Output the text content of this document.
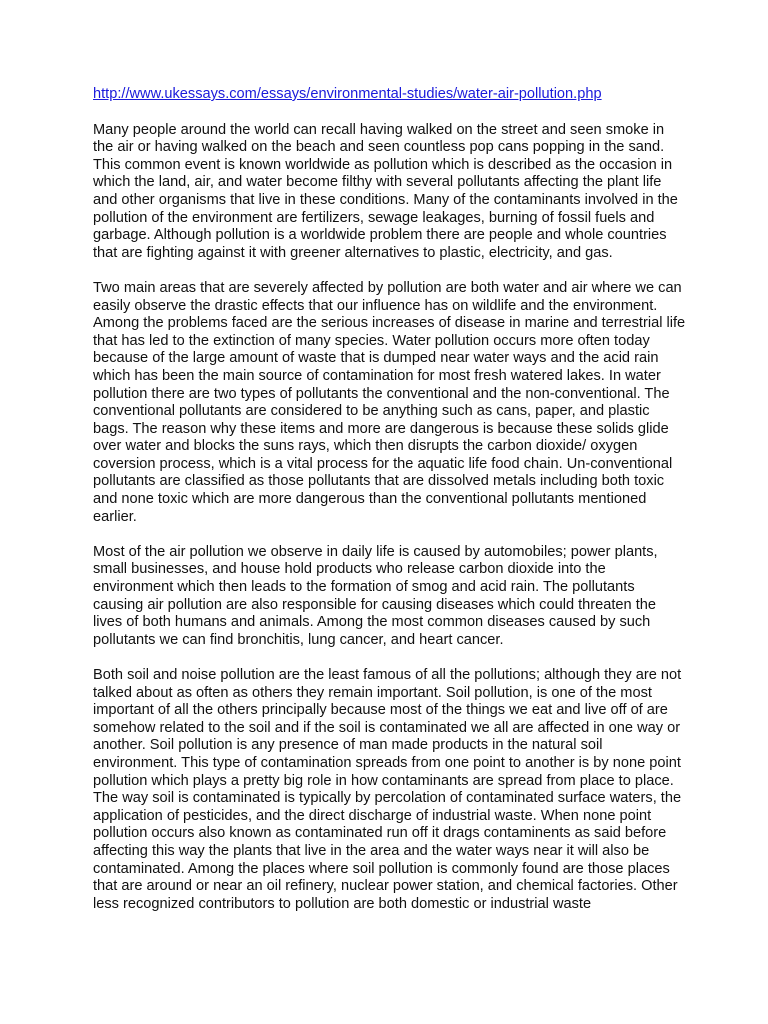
http://www.ukessays.com/essays/environmental-studies/water-air-pollution.php

Many people around the world can recall having walked on the street and seen smoke in the air or having walked on the beach and seen countless pop cans popping in the sand. This common event is known worldwide as pollution which is described as the occasion in which the land, air, and water become filthy with several pollutants affecting the plant life and other organisms that live in these conditions. Many of the contaminants involved in the pollution of the environment are fertilizers, sewage leakages, burning of fossil fuels and garbage. Although pollution is a worldwide problem there are people and whole countries that are fighting against it with greener alternatives to plastic, electricity, and gas.

Two main areas that are severely affected by pollution are both water and air where we can easily observe the drastic effects that our influence has on wildlife and the environment. Among the problems faced are the serious increases of disease in marine and terrestrial life that has led to the extinction of many species. Water pollution occurs more often today because of the large amount of waste that is dumped near water ways and the acid rain which has been the main source of contamination for most fresh watered lakes. In water pollution there are two types of pollutants the conventional and the non-conventional. The conventional pollutants are considered to be anything such as cans, paper, and plastic bags. The reason why these items and more are dangerous is because these solids glide over water and blocks the suns rays, which then disrupts the carbon dioxide/ oxygen coversion process, which is a vital process for the aquatic life food chain. Un-conventional pollutants are classified as those pollutants that are dissolved metals including both toxic and none toxic which are more dangerous than the conventional pollutants mentioned earlier.

Most of the air pollution we observe in daily life is caused by automobiles; power plants, small businesses, and house hold products who release carbon dioxide into the environment which then leads to the formation of smog and acid rain. The pollutants causing air pollution are also responsible for causing diseases which could threaten the lives of both humans and animals. Among the most common diseases caused by such pollutants we can find bronchitis, lung cancer, and heart cancer.

Both soil and noise pollution are the least famous of all the pollutions; although they are not talked about as often as others they remain important. Soil pollution, is one of the most important of all the others principally because most of the things we eat and live off of are somehow related to the soil and if the soil is contaminated we all are affected in one way or another. Soil pollution is any presence of man made products in the natural soil environment. This type of contamination spreads from one point to another is by none point pollution which plays a pretty big role in how contaminants are spread from place to place. The way soil is contaminated is typically by percolation of contaminated surface waters, the application of pesticides, and the direct discharge of industrial waste. When none point pollution occurs also known as contaminated run off it drags contaminents as said before affecting this way the plants that live in the area and the water ways near it will also be contaminated. Among the places where soil pollution is commonly found are those places that are around or near an oil refinery, nuclear power station, and chemical factories. Other less recognized contributors to pollution are both domestic or industrial waste
